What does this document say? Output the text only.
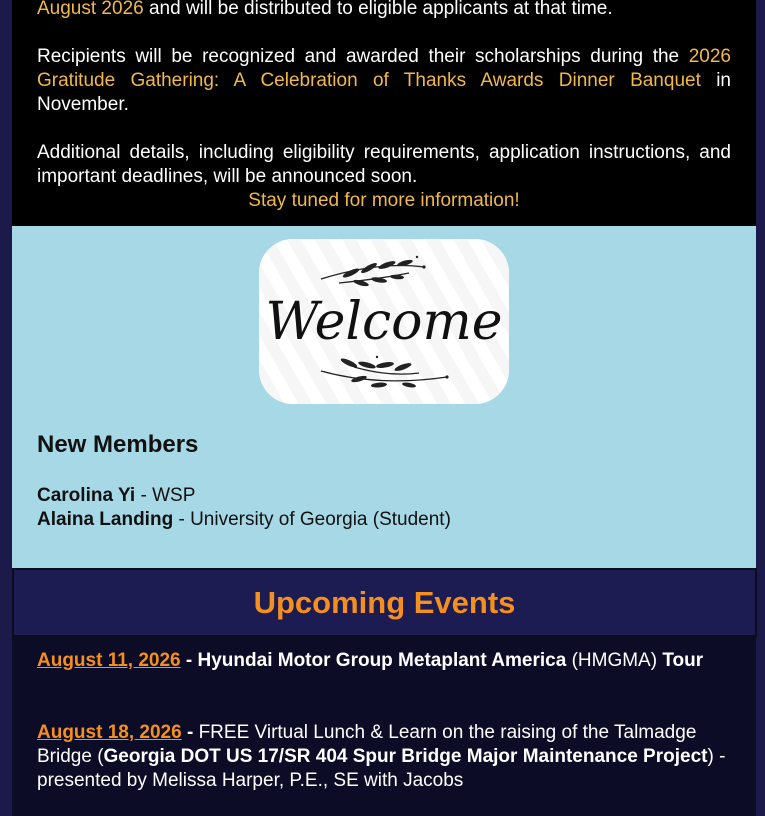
August 2026 and will be distributed to eligible applicants at that time.

Recipients will be recognized and awarded their scholarships during the 2026 Gratitude Gathering: A Celebration of Thanks Awards Dinner Banquet in November.

Additional details, including eligibility requirements, application instructions, and important deadlines, will be announced soon.

Stay tuned for more information!

Welcome
New Members
Carolina Yi - WSP
Alaina Landing - University of Georgia (Student)
Upcoming Events

August 11, 2026 - Hyundai Motor Group Metaplant America (HMGMA) Tour

August 18, 2026 - FREE Virtual Lunch & Learn on the raising of the Talmadge Bridge (Georgia DOT US 17/SR 404 Spur Bridge Major Maintenance Project) - presented by Melissa Harper, P.E., SE with Jacobs
